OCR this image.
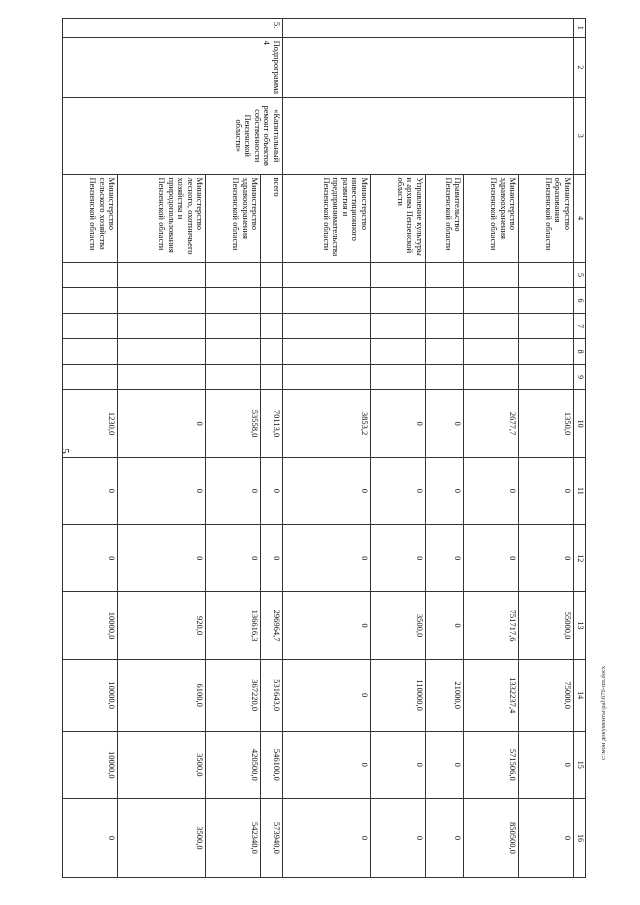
5
1	2	3	4	5	6	7	8	9	10	11	12	13	14	15	16
			Министерство образования Пензенской области						1350,0	0	0	55000,0	75000,0	0	0
			Министерство здравоохранения Пензенской области						2677,7	0	0	751717,6	1332237,4	571506,0	850500,0
			Правительство Пензенской области						0	0	0	0	21000,0	0	0
			Управление культуры и архива Пензенской области						0	0	0	3500,0	110000,0	0	0
			Министерство инвестиционного развития и предпринимательства Пензенской области						3853,2	0	0	0	0	0	0
5.	Подпрограмма 4	«Капитальный ремонт объектов собственности Пензенской области»	всего						70113,0	0	0	296964,7	531643,0	546100,0	573940,0
			Министерство здравоохранения Пензенской области						53558,0	0	0	136616,3	367220,0	420500,0	542340,0
			Министерство лесного, охотничьего хозяйства и природопользования Пензенской области						0	0	0	920,0	6100,0	3500,0	3500,0
			Министерство сельского хозяйства Пензенской области						1230,0	0	0	10000,0	10000,0	10000,0	0
c:\мои документы\pal\670-пп.docx
